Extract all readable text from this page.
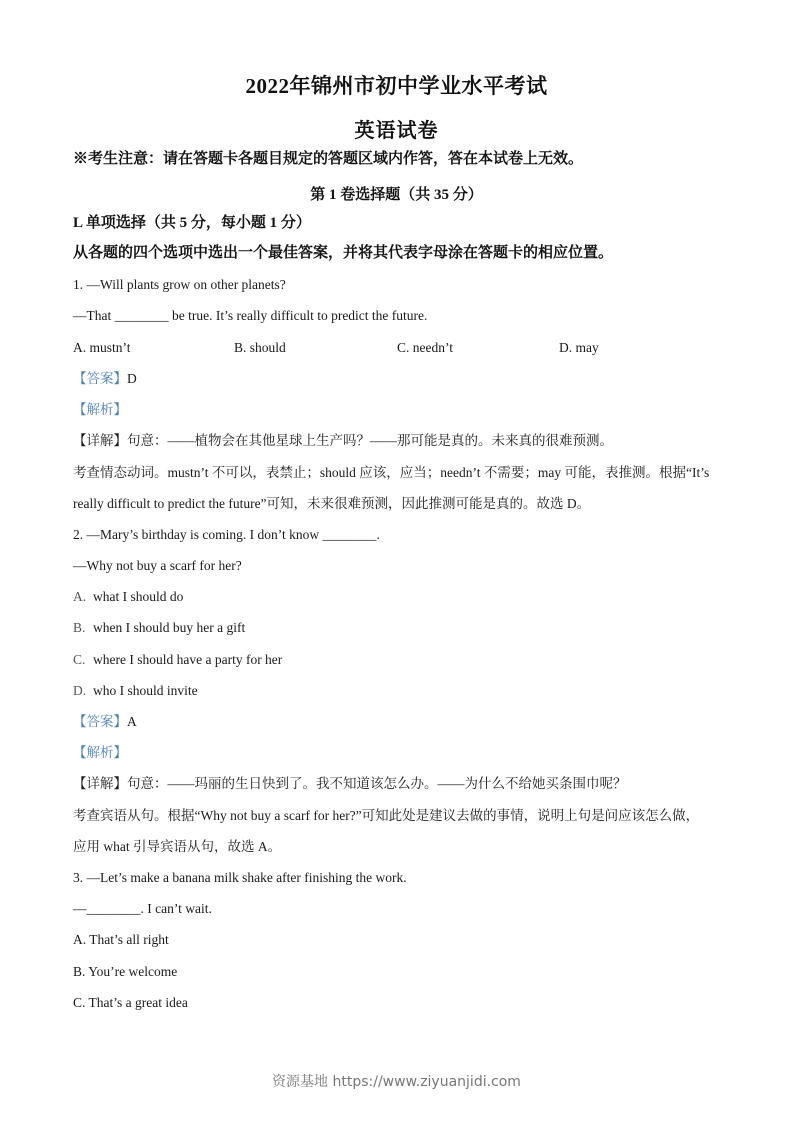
2022年锦州市初中学业水平考试
英语试卷
※考生注意：请在答题卡各题目规定的答题区域内作答，答在本试卷上无效。
第 1 卷选择题（共 35 分）
L 单项选择（共 5 分，每小题 1 分）
从各题的四个选项中选出一个最佳答案，并将其代表字母涂在答题卡的相应位置。
1. —Will plants grow on other planets?
—That ________ be true. It’s really difficult to predict the future.
A. mustn’t	B. should	C. needn’t	D. may
【答案】D
【解析】
【详解】句意：——植物会在其他星球上生产吗？——那可能是真的。未来真的很难预测。
考查情态动词。mustn’t 不可以，表禁止；should 应该，应当；needn’t 不需要；may 可能，表推测。根据“It’s
really difficult to predict the future”可知，未来很难预测，因此推测可能是真的。故选 D。
2. —Mary’s birthday is coming. I don’t know ________.
—Why not buy a scarf for her?
A. what I should do
B. when I should buy her a gift
C. where I should have a party for her
D. who I should invite
【答案】A
【解析】
【详解】句意：——玛丽的生日快到了。我不知道该怎么办。——为什么不给她买条围巾呢？
考查宾语从句。根据“Why not buy a scarf for her?”可知此处是建议去做的事情，说明上句是问应该怎么做，
应用 what 引导宾语从句，故选 A。
3. —Let’s make a banana milk shake after finishing the work.
—________. I can’t wait.
A. That’s all right
B. You’re welcome
C. That’s a great idea
资源基地 https://www.ziyuanjidi.com
